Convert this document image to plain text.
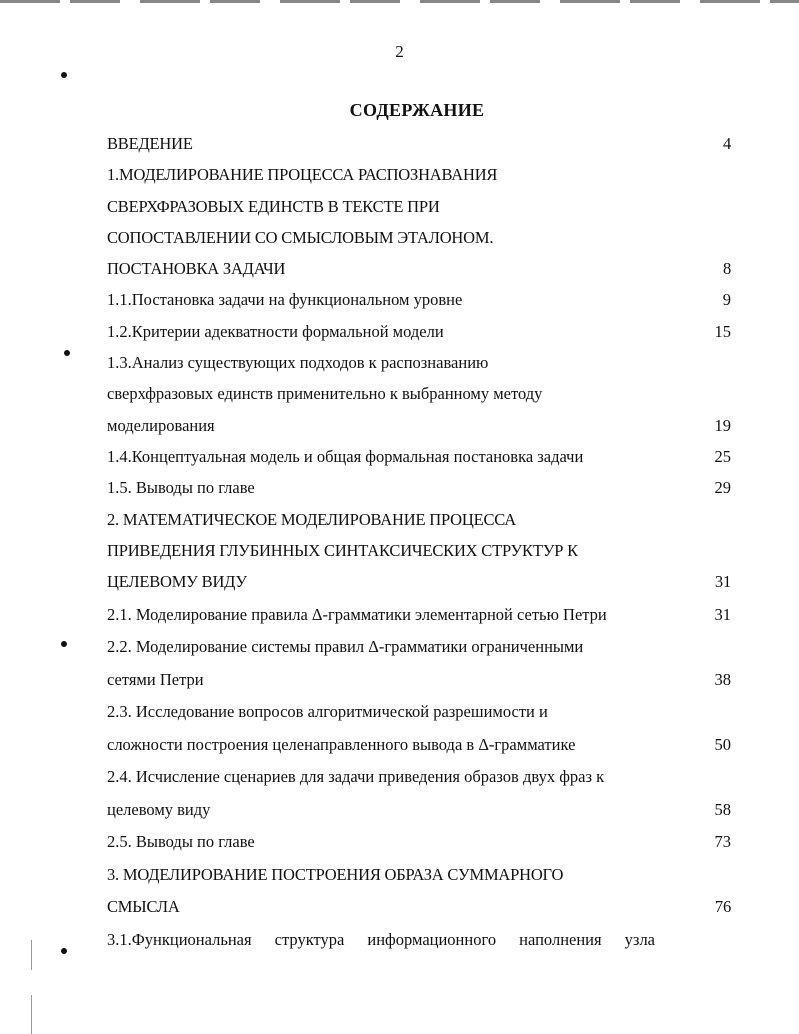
2
СОДЕРЖАНИЕ
ВВЕДЕНИЕ	4
1.МОДЕЛИРОВАНИЕ ПРОЦЕССА РАСПОЗНАВАНИЯ
СВЕРХФРАЗОВЫХ ЕДИНСТВ В ТЕКСТЕ ПРИ
СОПОСТАВЛЕНИИ СО СМЫСЛОВЫМ ЭТАЛОНОМ.
ПОСТАНОВКА ЗАДАЧИ	8
1.1.Постановка задачи на функциональном уровне	9
1.2.Критерии адекватности формальной модели	15
1.3.Анализ существующих подходов к распознаванию
сверхфразовых единств применительно к выбранному методу
моделирования	19
1.4.Концептуальная модель и общая формальная постановка задачи	25
1.5. Выводы по главе	29
2. МАТЕМАТИЧЕСКОЕ МОДЕЛИРОВАНИЕ ПРОЦЕССА
ПРИВЕДЕНИЯ ГЛУБИННЫХ СИНТАКСИЧЕСКИХ СТРУКТУР К
ЦЕЛЕВОМУ ВИДУ	31
2.1. Моделирование правила Δ-грамматики элементарной сетью Петри	31
2.2. Моделирование системы правил Δ-грамматики ограниченными
сетями Петри	38
2.3. Исследование вопросов алгоритмической разрешимости и
сложности построения целенаправленного вывода в Δ-грамматике	50
2.4. Исчисление сценариев для задачи приведения образов двух фраз к
целевому виду	58
2.5. Выводы по главе	73
3. МОДЕЛИРОВАНИЕ ПОСТРОЕНИЯ ОБРАЗА СУММАРНОГО
СМЫСЛА	76
3.1.Функциональная структура информационного наполнения узла
